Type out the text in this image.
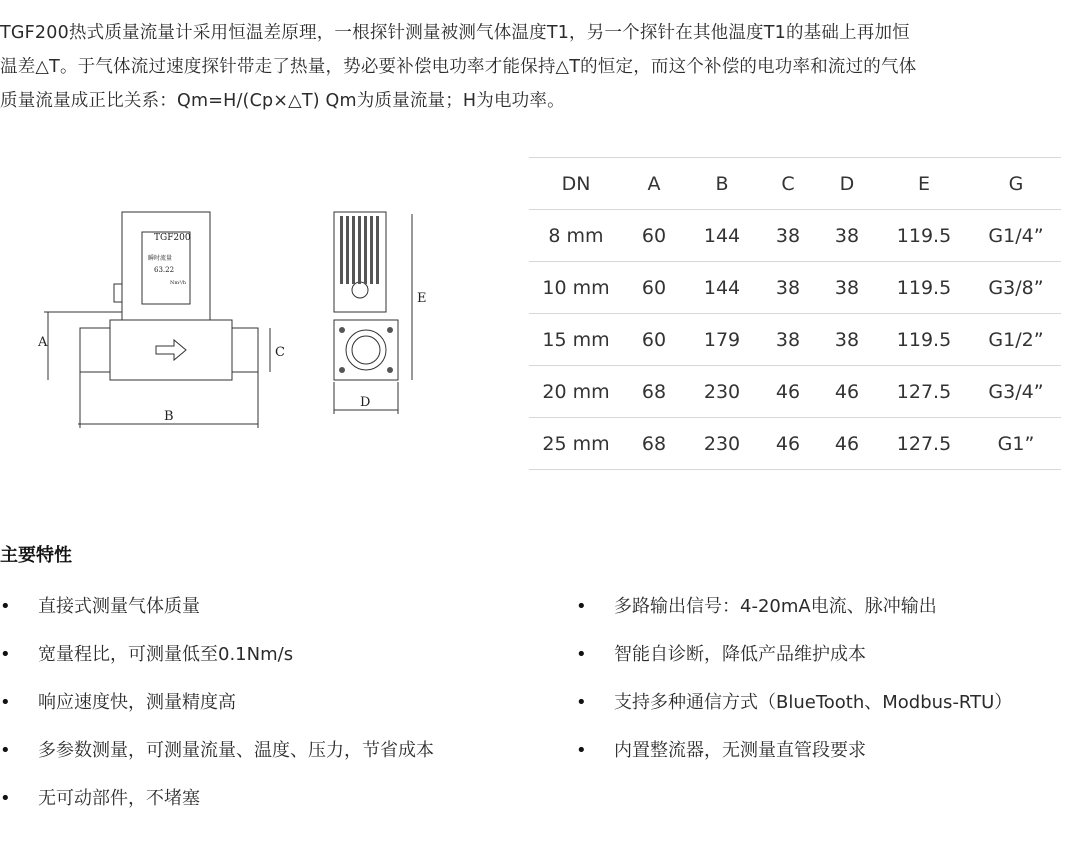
TGF200热式质量流量计采用恒温差原理，一根探针测量被测气体温度T1，另一个探针在其他温度T1的基础上再加恒
温差△T。于气体流过速度探针带走了热量，势必要补偿电功率才能保持△T的恒定，而这个补偿的电功率和流过的气体
质量流量成正比关系：Qm=H/(Cp×△T) Qm为质量流量；H为电功率。
TGF200
瞬时流量
63.22
Nm³/h
A
C
B
D
E
DN	A	B	C	D	E	G
8 mm	60	144	38	38	119.5	G1/4”
10 mm	60	144	38	38	119.5	G3/8”
15 mm	60	179	38	38	119.5	G1/2”
20 mm	68	230	46	46	127.5	G3/4”
25 mm	68	230	46	46	127.5	G1”
主要特性
•	直接式测量气体质量
•	宽量程比，可测量低至0.1Nm/s
•	响应速度快，测量精度高
•	多参数测量，可测量流量、温度、压力，节省成本
•	无可动部件，不堵塞
•	多路输出信号：4-20mA电流、脉冲输出
•	智能自诊断，降低产品维护成本
•	支持多种通信方式（BlueTooth、Modbus-RTU）
•	内置整流器，无测量直管段要求
